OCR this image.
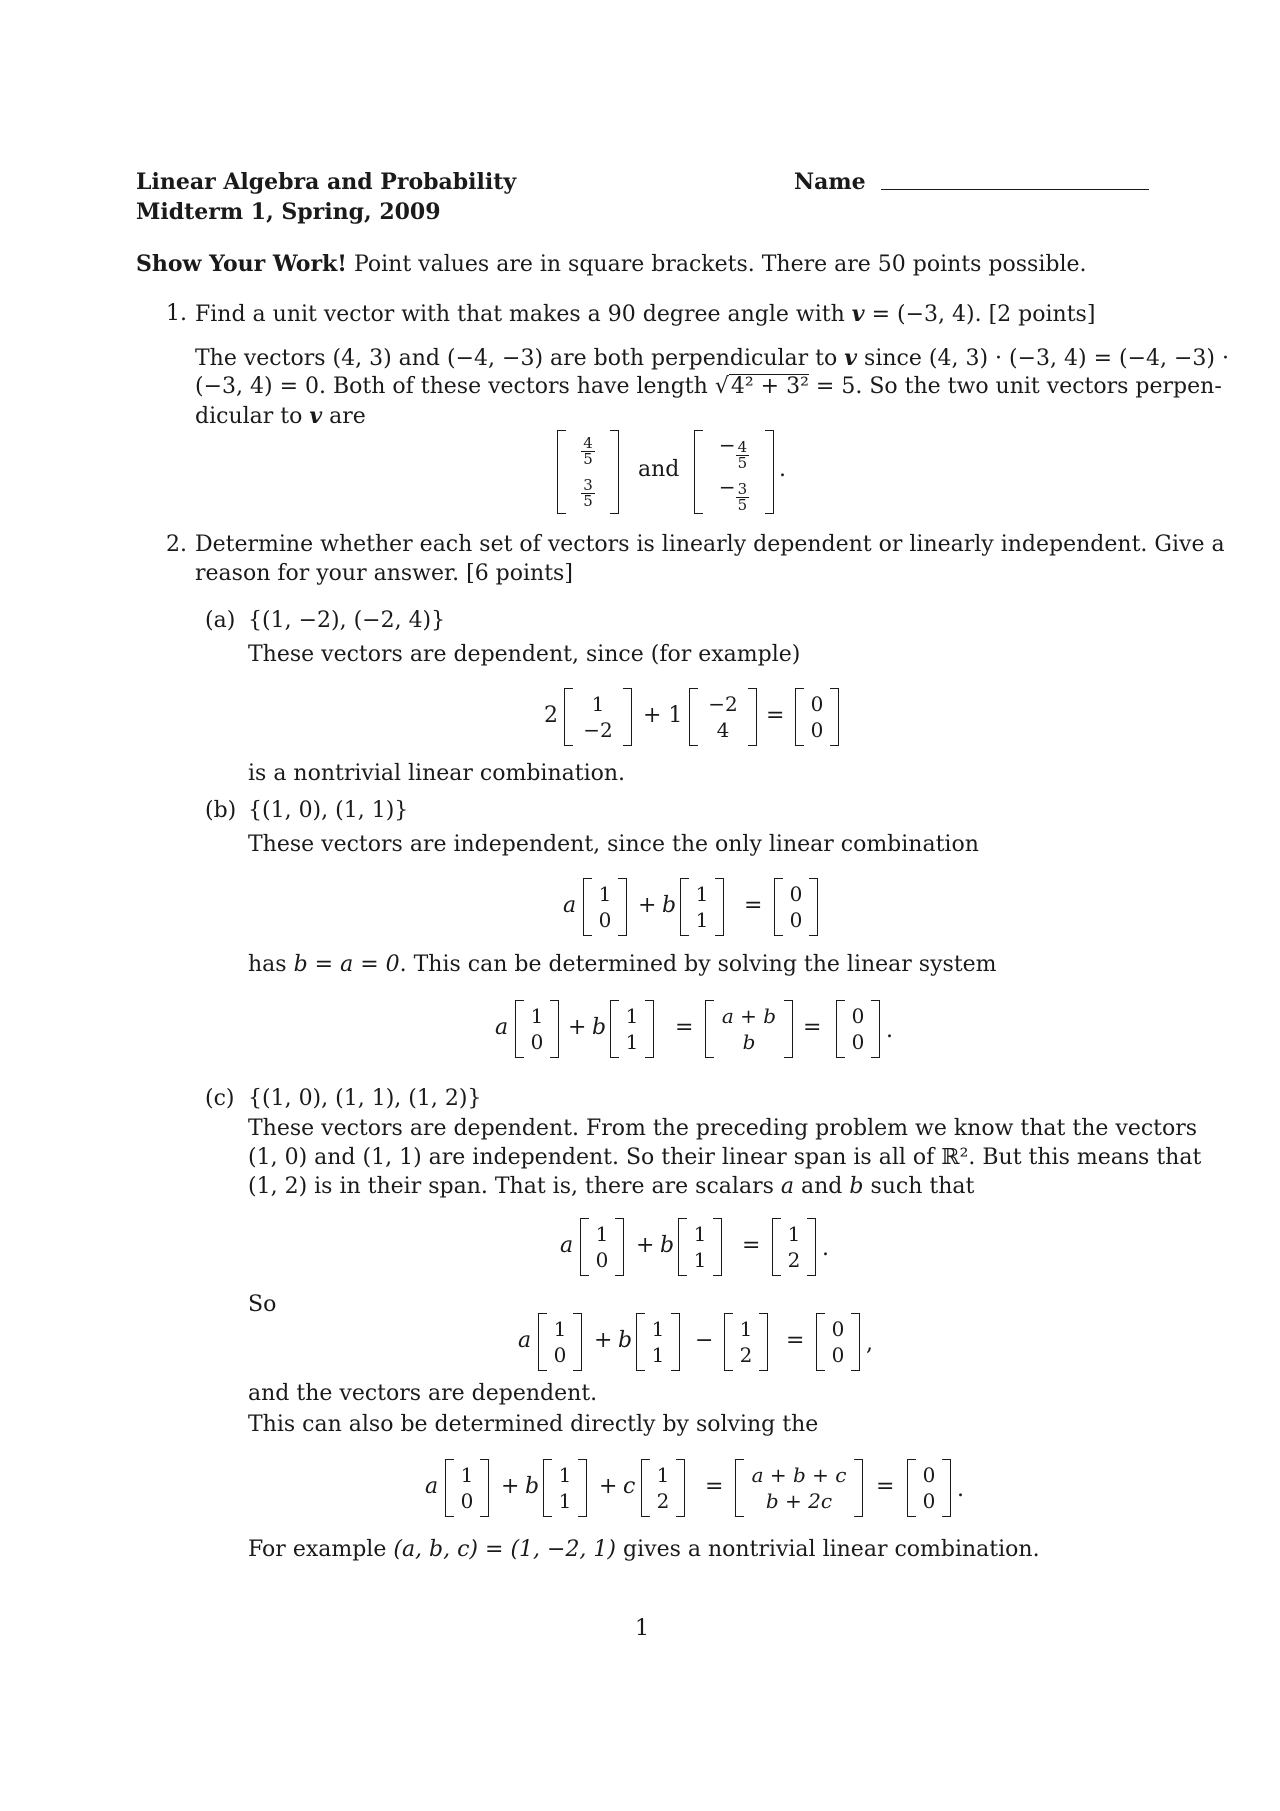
Linear Algebra and Probability
Midterm 1, Spring, 2009
Name
Show Your Work! Point values are in square brackets. There are 50 points possible.
1. Find a unit vector with that makes a 90 degree angle with v = (−3, 4). [2 points]
The vectors (4, 3) and (−4, −3) are both perpendicular to v since (4, 3) · (−3, 4) = (−4, −3) ·
(−3, 4) = 0. Both of these vectors have length √4² + 3² = 5. So the two unit vectors perpen-
dicular to v are
$\frac{4}{5}$
$\frac{3}{5}$
and
− $\frac{4}{5}$
− $\frac{3}{5}$
.
2. Determine whether each set of vectors is linearly dependent or linearly independent. Give a
reason for your answer. [6 points]
(a) {(1, −2), (−2, 4)}
These vectors are dependent, since (for example)
2 1
−2
+ 1 −2
4
= 0
0
is a nontrivial linear combination.
(b) {(1, 0), (1, 1)}
These vectors are independent, since the only linear combination
a 1
0
+ b 1
1
= 0
0
has b = a = 0. This can be determined by solving the linear system
a 1
0
+ b 1
1
= a + b
b
= 0
0 .
(c) {(1, 0), (1, 1), (1, 2)}
These vectors are dependent. From the preceding problem we know that the vectors
(1, 0) and (1, 1) are independent. So their linear span is all of ℝ². But this means that
(1, 2) is in their span. That is, there are scalars a and b such that
a 1
0
+ b 1
1
= 1
2 .
So
a 1
0
+ b 1
1
− 1
2
= 0
0 ,
and the vectors are dependent.
This can also be determined directly by solving the
a 1
0
+ b 1
1
+ c 1
2
= a + b + c
b + 2c
= 0
0 .
For example (a, b, c) = (1, −2, 1) gives a nontrivial linear combination.
1
